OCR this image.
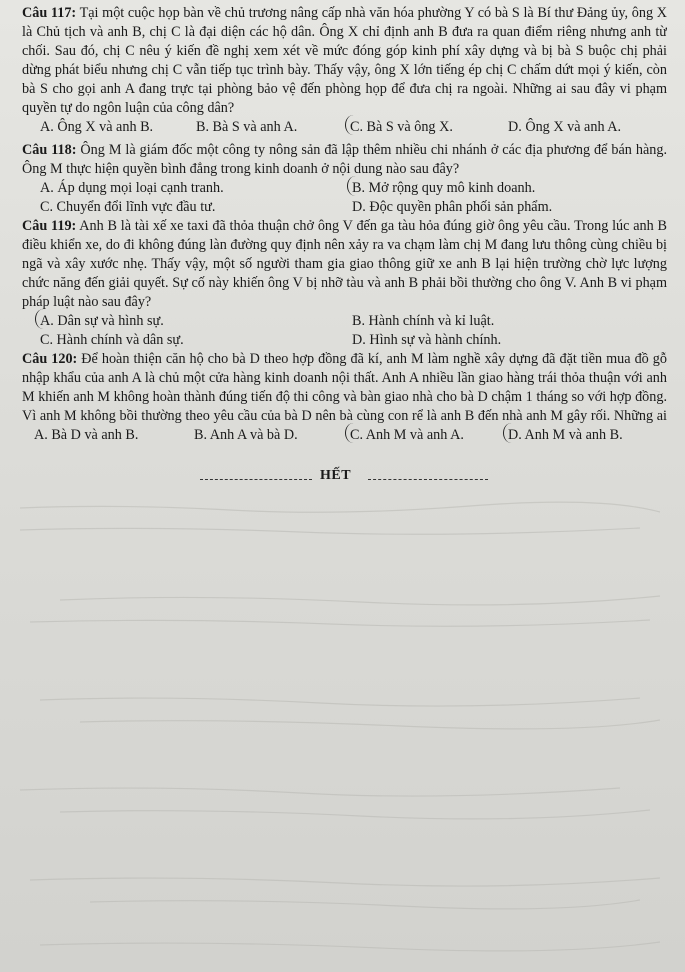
Câu 117: Tại một cuộc họp bàn về chủ trương nâng cấp nhà văn hóa phường Y có bà S là Bí thư Đảng ủy, ông X là Chủ tịch và anh B, chị C là đại diện các hộ dân. Ông X chỉ định anh B đưa ra quan điểm riêng nhưng anh từ chối. Sau đó, chị C nêu ý kiến đề nghị xem xét về mức đóng góp kinh phí xây dựng và bị bà S buộc chị phải dừng phát biểu nhưng chị C vẫn tiếp tục trình bày. Thấy vậy, ông X lớn tiếng ép chị C chấm dứt mọi ý kiến, còn bà S cho gọi anh A đang trực tại phòng bảo vệ đến phòng họp để đưa chị ra ngoài. Những ai sau đây vi phạm quyền tự do ngôn luận của công dân?

A. Ông X và anh B.	B. Bà S và anh A.	C. Bà S và ông X.	D. Ông X và anh A.

Câu 118: Ông M là giám đốc một công ty nông sản đã lập thêm nhiều chi nhánh ở các địa phương để bán hàng. Ông M thực hiện quyền bình đẳng trong kinh doanh ở nội dung nào sau đây?

A. Áp dụng mọi loại cạnh tranh.	B. Mở rộng quy mô kinh doanh.
C. Chuyển đổi lĩnh vực đầu tư.	D. Độc quyền phân phối sản phẩm.

Câu 119: Anh B là tài xế xe taxi đã thỏa thuận chở ông V đến ga tàu hỏa đúng giờ ông yêu cầu. Trong lúc anh B điều khiển xe, do đi không đúng làn đường quy định nên xảy ra va chạm làm chị M đang lưu thông cùng chiều bị ngã và xây xước nhẹ. Thấy vậy, một số người tham gia giao thông giữ xe anh B lại hiện trường chờ lực lượng chức năng đến giải quyết. Sự cố này khiến ông V bị nhỡ tàu và anh B phải bồi thường cho ông V. Anh B vi phạm pháp luật nào sau đây?

A. Dân sự và hình sự.	B. Hành chính và kỉ luật.
C. Hành chính và dân sự.	D. Hình sự và hành chính.

Câu 120: Để hoàn thiện căn hộ cho bà D theo hợp đồng đã kí, anh M làm nghề xây dựng đã đặt tiền mua đồ gỗ nhập khẩu của anh A là chủ một cửa hàng kinh doanh nội thất. Anh A nhiều lần giao hàng trái thỏa thuận với anh M khiến anh M không hoàn thành đúng tiến độ thi công và bàn giao nhà cho bà D chậm 1 tháng so với hợp đồng. Vì anh M không bồi thường theo yêu cầu của bà D nên bà cùng con rể là anh B đến nhà anh M gây rối. Những ai

A. Bà D và anh B.	B. Anh A và bà D.	C. Anh M và anh A.	D. Anh M và anh B.
HẾT
